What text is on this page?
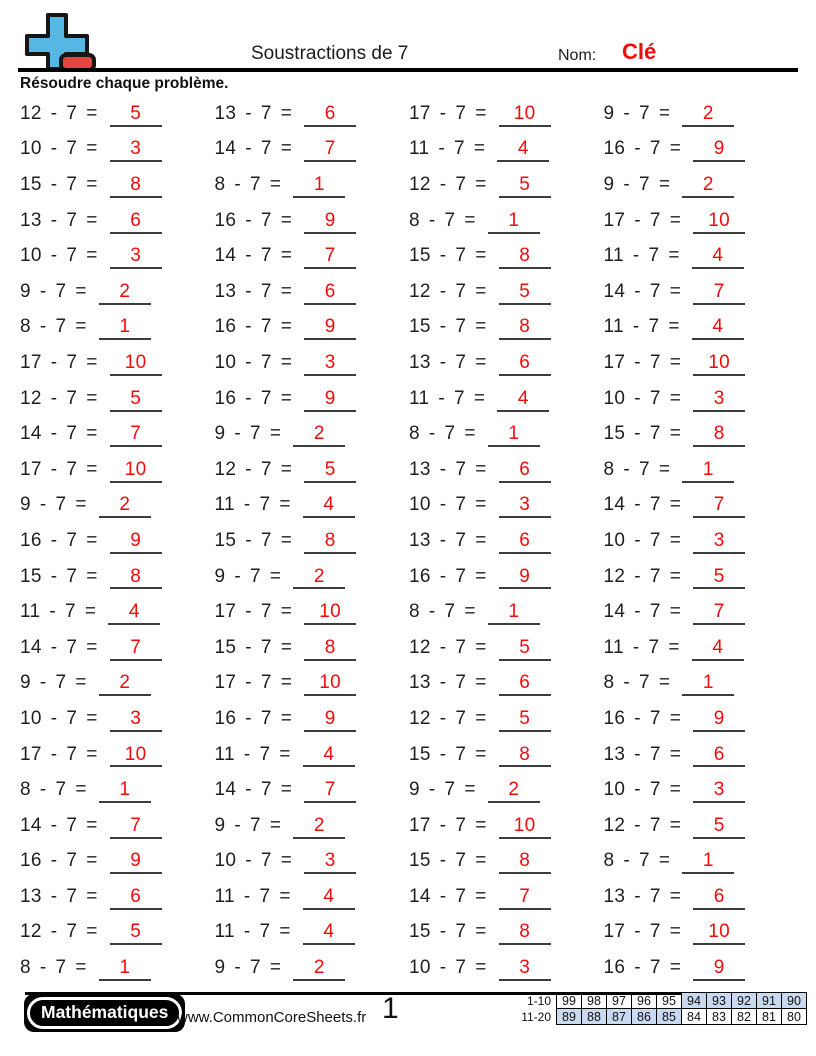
Soustractions de 7	Nom: Clé
Résoudre chaque problème.
12 - 7 =	5	13 - 7 =	6	17 - 7 =	10	9 - 7 =	2
10 - 7 =	3	14 - 7 =	7	11 - 7 =	4	16 - 7 =	9
15 - 7 =	8	8 - 7 =	1	12 - 7 =	5	9 - 7 =	2
13 - 7 =	6	16 - 7 =	9	8 - 7 =	1	17 - 7 =	10
10 - 7 =	3	14 - 7 =	7	15 - 7 =	8	11 - 7 =	4
9 - 7 =	2	13 - 7 =	6	12 - 7 =	5	14 - 7 =	7
8 - 7 =	1	16 - 7 =	9	15 - 7 =	8	11 - 7 =	4
17 - 7 =	10	10 - 7 =	3	13 - 7 =	6	17 - 7 =	10
12 - 7 =	5	16 - 7 =	9	11 - 7 =	4	10 - 7 =	3
14 - 7 =	7	9 - 7 =	2	8 - 7 =	1	15 - 7 =	8
17 - 7 =	10	12 - 7 =	5	13 - 7 =	6	8 - 7 =	1
9 - 7 =	2	11 - 7 =	4	10 - 7 =	3	14 - 7 =	7
16 - 7 =	9	15 - 7 =	8	13 - 7 =	6	10 - 7 =	3
15 - 7 =	8	9 - 7 =	2	16 - 7 =	9	12 - 7 =	5
11 - 7 =	4	17 - 7 =	10	8 - 7 =	1	14 - 7 =	7
14 - 7 =	7	15 - 7 =	8	12 - 7 =	5	11 - 7 =	4
9 - 7 =	2	17 - 7 =	10	13 - 7 =	6	8 - 7 =	1
10 - 7 =	3	16 - 7 =	9	12 - 7 =	5	16 - 7 =	9
17 - 7 =	10	11 - 7 =	4	15 - 7 =	8	13 - 7 =	6
8 - 7 =	1	14 - 7 =	7	9 - 7 =	2	10 - 7 =	3
14 - 7 =	7	9 - 7 =	2	17 - 7 =	10	12 - 7 =	5
16 - 7 =	9	10 - 7 =	3	15 - 7 =	8	8 - 7 =	1
13 - 7 =	6	11 - 7 =	4	14 - 7 =	7	13 - 7 =	6
12 - 7 =	5	11 - 7 =	4	15 - 7 =	8	17 - 7 =	10
8 - 7 =	1	9 - 7 =	2	10 - 7 =	3	16 - 7 =	9
Mathématiques www.CommonCoreSheets.fr 1	1-10	99	98	97	96	95	94	93	92	91	90
11-20	89	88	87	86	85	84	83	82	81	80
